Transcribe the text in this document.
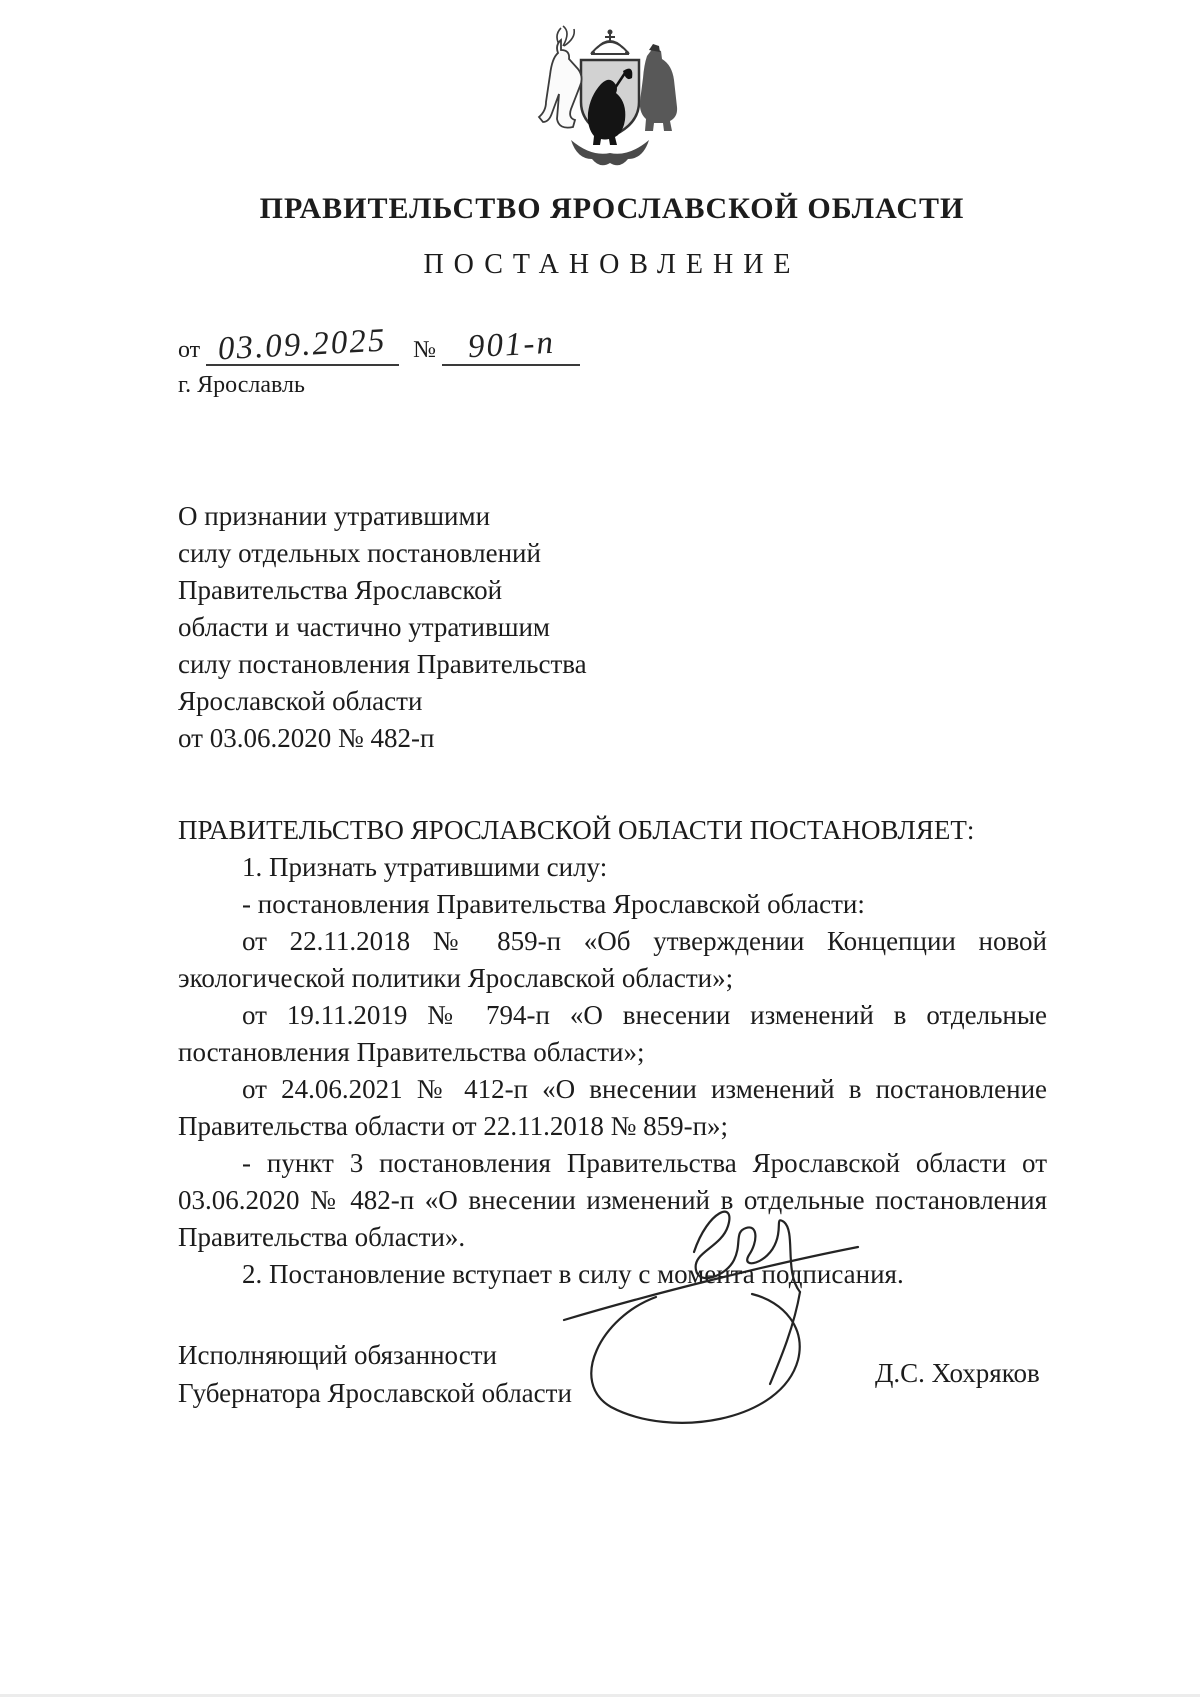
ПРАВИТЕЛЬСТВО ЯРОСЛАВСКОЙ ОБЛАСТИ
ПОСТАНОВЛЕНИЕ
от 03.09.2025	№ 901-п
г. Ярославль
О признании утратившими
силу отдельных постановлений
Правительства Ярославской
области и частично утратившим
силу постановления Правительства
Ярославской области
от 03.06.2020 № 482-п
ПРАВИТЕЛЬСТВО ЯРОСЛАВСКОЙ ОБЛАСТИ ПОСТАНОВЛЯЕТ:

1. Признать утратившими силу:

- постановления Правительства Ярославской области:

от 22.11.2018 № 859-п «Об утверждении Концепции новой экологической политики Ярославской области»;

от 19.11.2019 № 794-п «О внесении изменений в отдельные постановления Правительства области»;

от 24.06.2021 № 412-п «О внесении изменений в постановление Правительства области от 22.11.2018 № 859-п»;

- пункт 3 постановления Правительства Ярославской области от 03.06.2020 № 482-п «О внесении изменений в отдельные постановления Правительства области».

2. Постановление вступает в силу с момента подписания.

Исполняющий обязанности
Губернатора Ярославской области
Д.С. Хохряков
